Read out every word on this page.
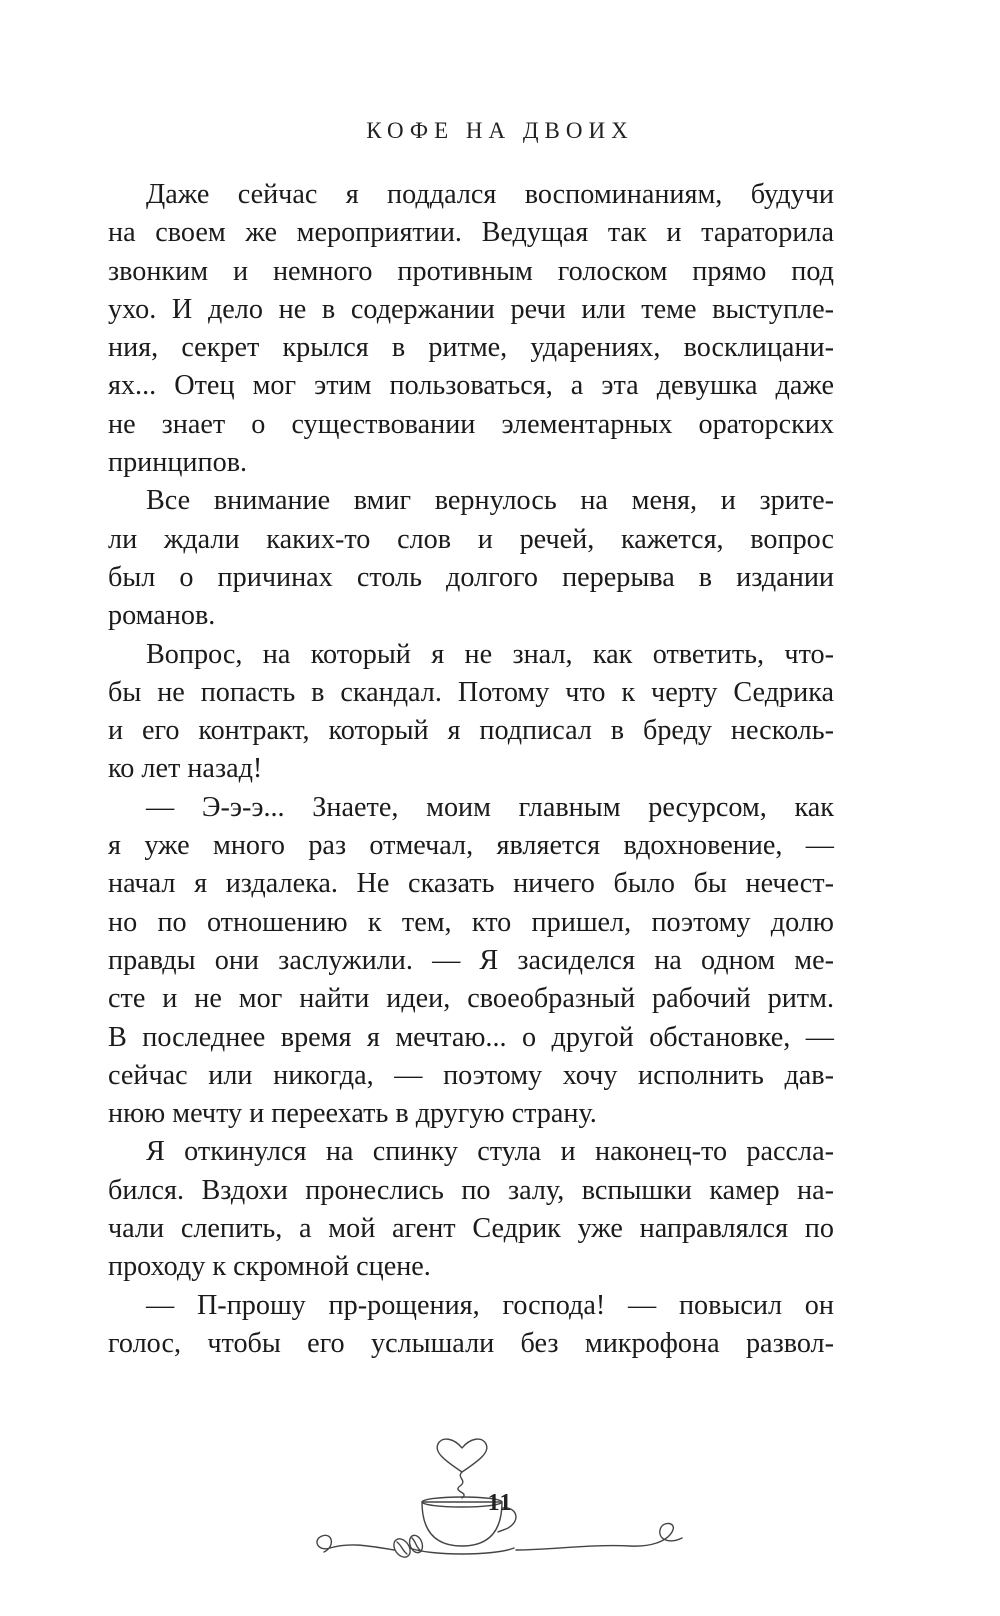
КОФЕ НА ДВОИХ

Даже сейчас я поддался воспоминаниям, будучи
на своем же мероприятии. Ведущая так и тараторила
звонким и немного противным голоском прямо под
ухо. И дело не в содержании речи или теме выступле-
ния, секрет крылся в ритме, ударениях, восклицани-
ях... Отец мог этим пользоваться, а эта девушка даже
не знает о существовании элементарных ораторских
принципов.

Все внимание вмиг вернулось на меня, и зрите-
ли ждали каких-то слов и речей, кажется, вопрос
был о причинах столь долгого перерыва в издании
романов.

Вопрос, на который я не знал, как ответить, что-
бы не попасть в скандал. Потому что к черту Седрика
и его контракт, который я подписал в бреду несколь-
ко лет назад!

— Э-э-э... Знаете, моим главным ресурсом, как
я уже много раз отмечал, является вдохновение, —
начал я издалека. Не сказать ничего было бы нечест-
но по отношению к тем, кто пришел, поэтому долю
правды они заслужили. — Я засиделся на одном ме-
сте и не мог найти идеи, своеобразный рабочий ритм.
В последнее время я мечтаю... о другой обстановке, —
сейчас или никогда, — поэтому хочу исполнить дав-
нюю мечту и переехать в другую страну.

Я откинулся на спинку стула и наконец-то рассла-
бился. Вздохи пронеслись по залу, вспышки камер на-
чали слепить, а мой агент Седрик уже направлялся по
проходу к скромной сцене.

— П-прошу пр-рощения, господа! — повысил он
голос, чтобы его услышали без микрофона развол-

11
